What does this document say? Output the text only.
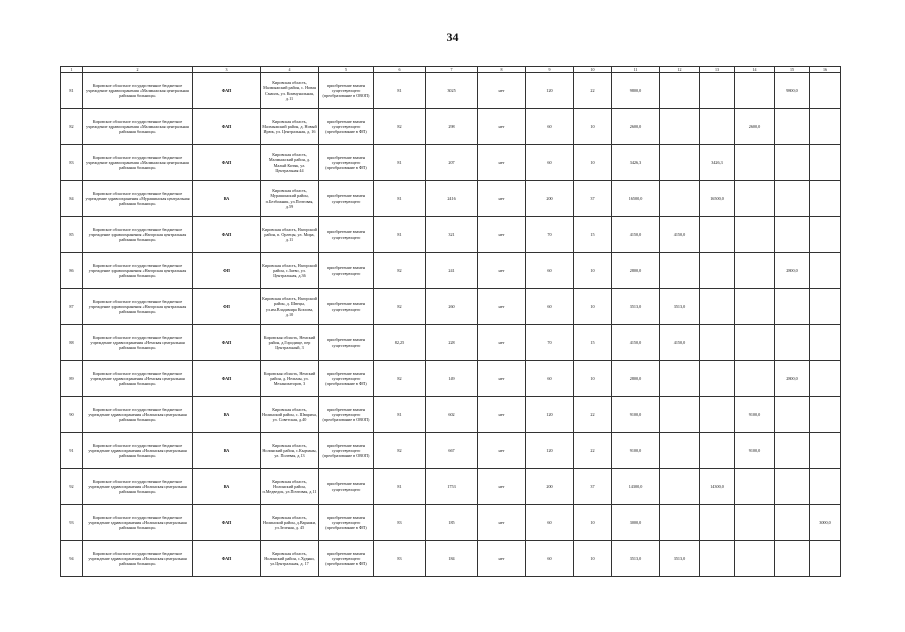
34
1	2	3	4	5	6	7	8	9	10	11	12	13	14	15	16
81	Кировское областное государственное бюджетное учреждение здравоохранения «Малмыжская центральная районная больница»	ФАП	Кировская область, Малмыжский район, с. Новая Смаиль, ул. Коммунальная, д.11	приобретение взамен существующего (преобразование в ОВОП)	81	3025	нет	120	22	9800,0				9800,0	
82	Кировское областное государственное бюджетное учреждение здравоохранения «Малмыжская центральная районная больница»	ФАП	Кировская область, Малмыжский район, д. Новый Ирюк, ул. Центральная, д. 16	приобретение взамен существующего (преобразование в ФП)	82	298	нет	60	10	2600,0			2600,0		
83	Кировское областное государственное бюджетное учреждение здравоохранения «Малмыжская центральная районная больница»	ФАП	Кировская область, Малмыжский район, д. Малый Китяк, ул. Центральная 44	приобретение взамен существующего (преобразование в ФП)	81	207	нет	60	10	3426,3		3426,3			
84	Кировское областное государственное бюджетное учреждение здравоохранения «Мурашинская центральная районная больница»	ВА	Кировская область, Мурашинский район, п.Безбожник, ул.Почтовая, д.59	приобретение взамен существующего	81	2416	нет	200	37	16500,0		16500,0			
85	Кировское областное государственное бюджетное учреждение здравоохранения «Нагорская центральная районная больница»	ФАП	Кировская область, Нагорский район, п. Орлецы, ул. Мира, д.11	приобретение взамен существующего	81	321	нет	70	15	4150,0	4150,0				
86	Кировское областное государственное бюджетное учреждение здравоохранения «Нагорская центральная районная больница»	ФП	Кировская область, Нагорский район, с.Заево, ул. Центральная, д.36	приобретение взамен существующего	82	241	нет	60	10	2800,0				2800,0	
87	Кировское областное государственное бюджетное учреждение здравоохранения «Нагорская центральная районная больница»	ФП	Кировская область, Нагорский район, д. Швецы, ул.им.Владимира Козлова, д.10	приобретение взамен существующего	82	260	нет	60	10	3513,0	3513,0				
88	Кировское областное государственное бюджетное учреждение здравоохранения «Немская центральная районная больница»	ФАП	Кировская область, Немский район, д.Городище, пер Центральный, 3	приобретение взамен существующего	82,25	228	нет	70	15	4150,0	4150,0				
89	Кировское областное государственное бюджетное учреждение здравоохранения «Немская центральная районная больница»	ФАП	Кировская область, Немский район, д. Нельмы, ул. Механизаторов, 3	приобретение взамен существующего (преобразование в ФП)	82	149	нет	60	10	2800,0				2800,0	
90	Кировское областное государственное бюджетное учреждение здравоохранения «Нолинская центральная районная больница»	ВА	Кировская область, Нолинский район, с. Швариха, ул. Советская, д.40	приобретение взамен существующего (преобразование в ОВОП)	81	602	нет	120	22	9100,0			9100,0		
91	Кировское областное государственное бюджетное учреждение здравоохранения «Нолинская центральная районная больница»	ВА	Кировская область, Нолинский район, с.Кырчаны, ул. Полевая, д.13	приобретение взамен существующего (преобразование в ОВОП)	82	667	нет	120	22	9100,0			9100,0		
92	Кировское областное государственное бюджетное учреждение здравоохранения «Нолинская центральная районная больница»	ВА	Кировская область, Нолинский район, п.Медведок, ул.Почтовая, д.11	приобретение взамен существующего	81	1753	нет	200	37	14300,0		14300,0			
93	Кировское областное государственное бюджетное учреждение здравоохранения «Нолинская центральная районная больница»	ФАП	Кировская область, Нолинский район, д.Варнаки, ул.Зеленая, д. 45	приобретение взамен существующего (преобразование в ФП)	83	185	нет	60	10	3000,0					3000,0
94	Кировское областное государственное бюджетное учреждение здравоохранения «Нолинская центральная районная больница»	ФАП	Кировская область, Нолинский район, с.Худяки, ул.Центральная, д. 17	приобретение взамен существующего (преобразование в ФП)	83	184	нет	60	10	3513,0	3513,0				
